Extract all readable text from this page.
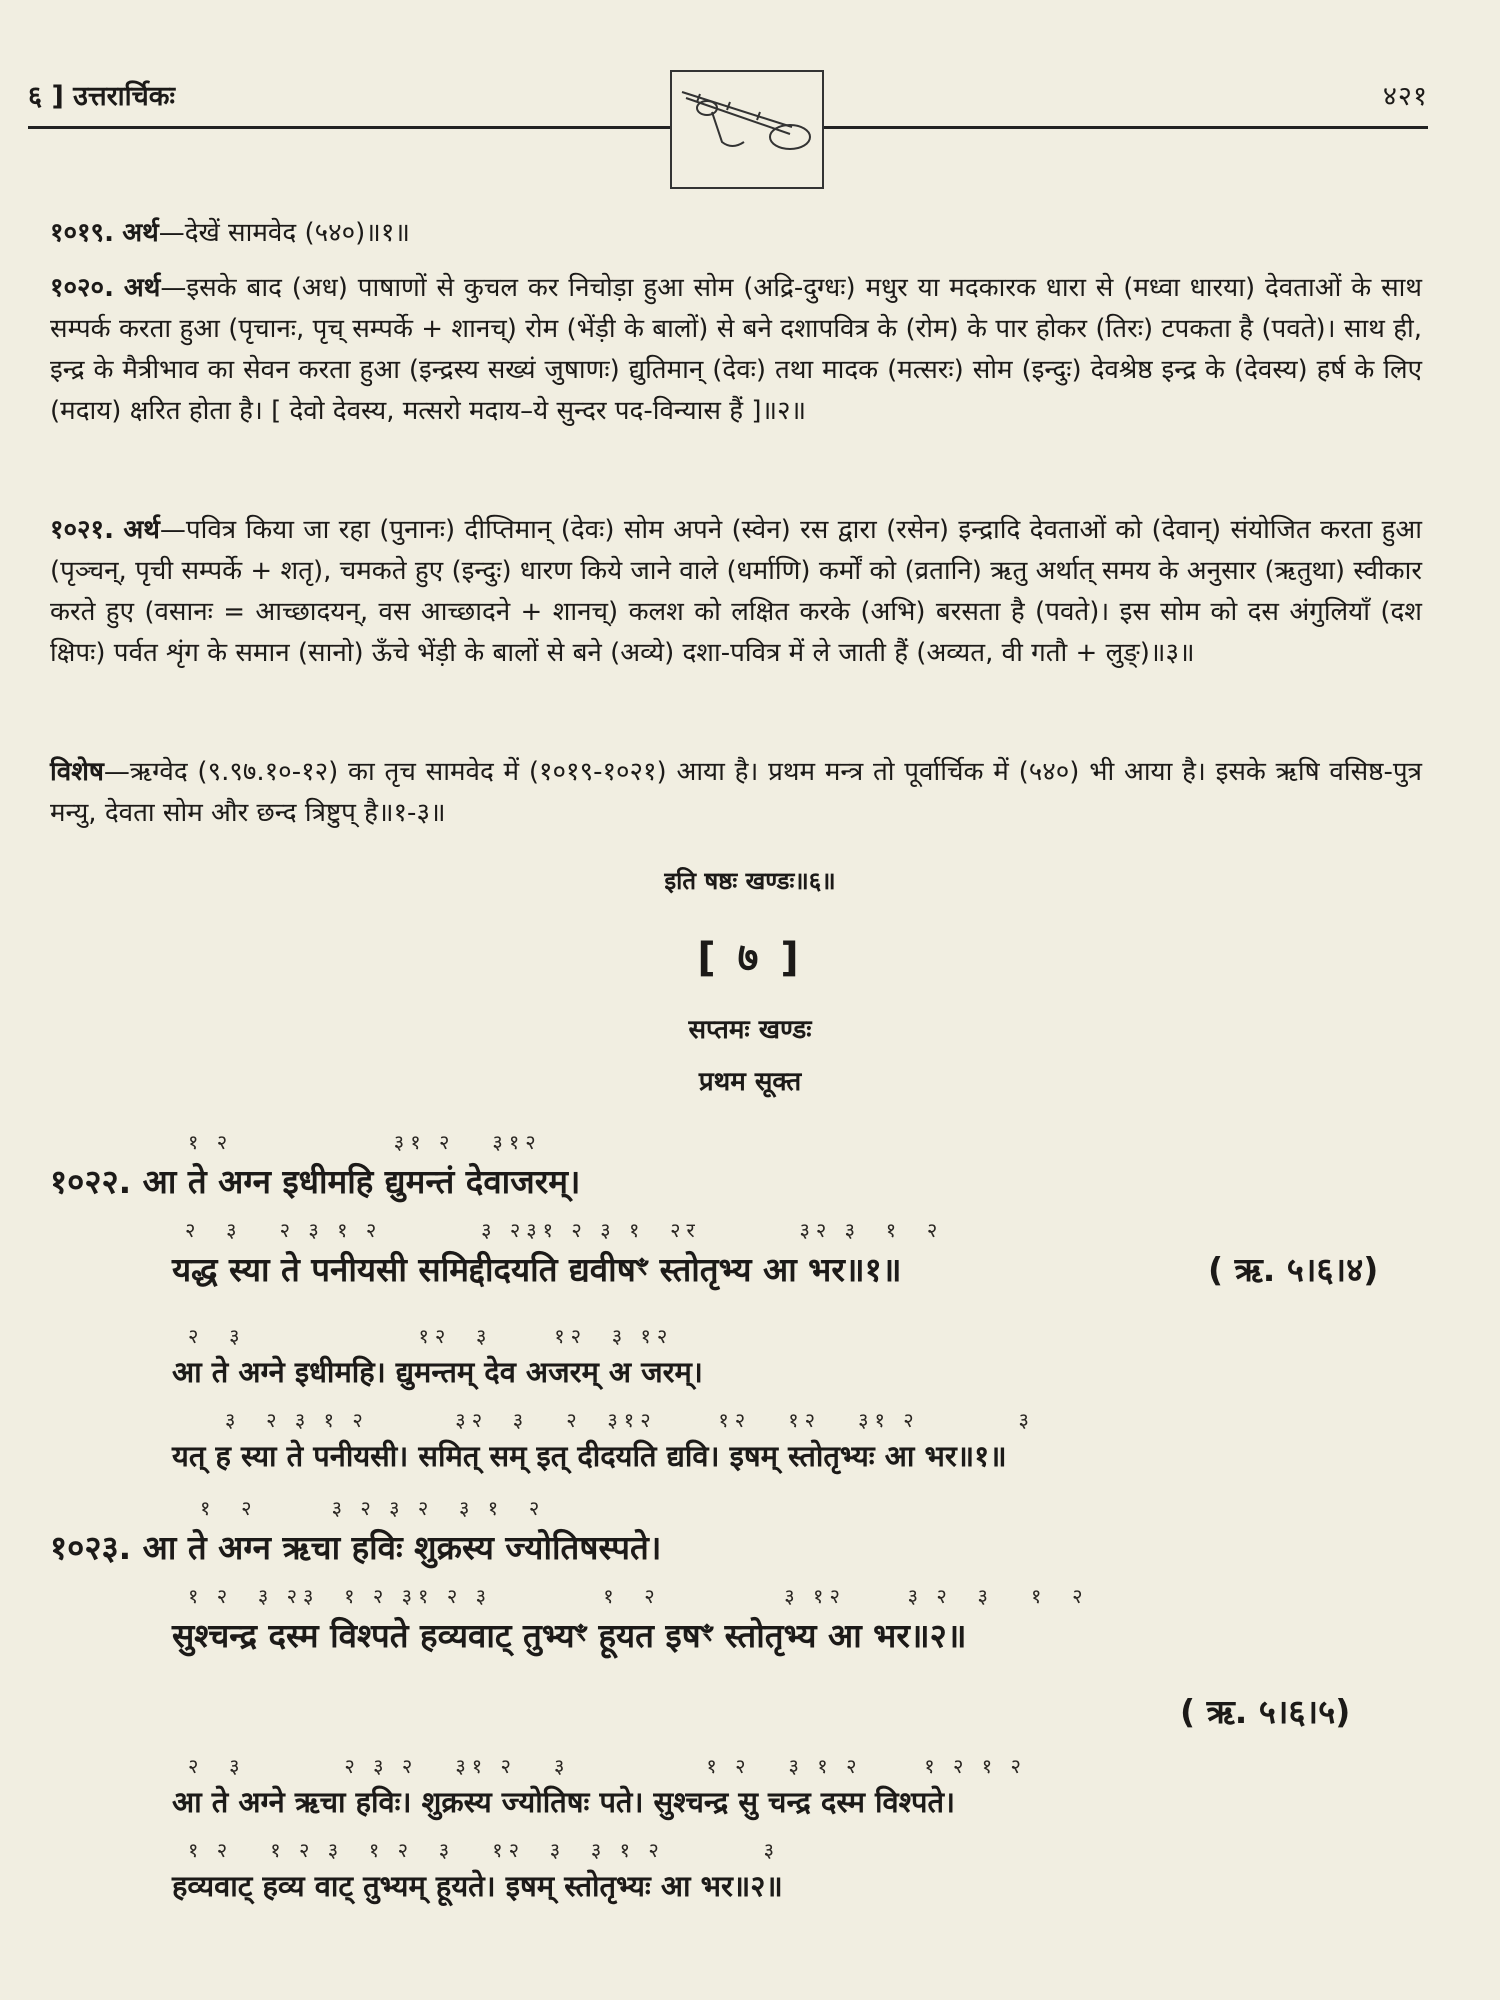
६ ] उत्तरार्चिकः	४२१
१०१९. अर्थ—देखें सामवेद (५४०)॥१॥
१०२०. अर्थ—इसके बाद (अध) पाषाणों से कुचल कर निचोड़ा हुआ सोम (अद्रि-दुग्धः) मधुर या मदकारक धारा से (मध्वा धारया) देवताओं के साथ सम्पर्क करता हुआ (पृचानः, पृच् सम्पर्के + शानच्) रोम (भेंड़ी के बालों) से बने दशापवित्र के (रोम) के पार होकर (तिरः) टपकता है (पवते)। साथ ही, इन्द्र के मैत्रीभाव का सेवन करता हुआ (इन्द्रस्य सख्यं जुषाणः) द्युतिमान् (देवः) तथा मादक (मत्सरः) सोम (इन्दुः) देवश्रेष्ठ इन्द्र के (देवस्य) हर्ष के लिए (मदाय) क्षरित होता है। [ देवो देवस्य, मत्सरो मदाय–ये सुन्दर पद-विन्यास हैं ]॥२॥
१०२१. अर्थ—पवित्र किया जा रहा (पुनानः) दीप्तिमान् (देवः) सोम अपने (स्वेन) रस द्वारा (रसेन) इन्द्रादि देवताओं को (देवान्) संयोजित करता हुआ (पृञ्चन्, पृची सम्पर्के + शतृ), चमकते हुए (इन्दुः) धारण किये जाने वाले (धर्माणि) कर्मों को (व्रतानि) ऋतु अर्थात् समय के अनुसार (ऋतुथा) स्वीकार करते हुए (वसानः = आच्छादयन्, वस आच्छादने + शानच्) कलश को लक्षित करके (अभि) बरसता है (पवते)। इस सोम को दस अंगुलियाँ (दश क्षिपः) पर्वत शृंग के समान (सानो) ऊँचे भेंड़ी के बालों से बने (अव्ये) दशा-पवित्र में ले जाती हैं (अव्यत, वी गतौ + लुङ्)॥३॥
विशेष—ऋग्वेद (९.९७.१०-१२) का तृच सामवेद में (१०१९-१०२१) आया है। प्रथम मन्त्र तो पूर्वार्चिक में (५४०) भी आया है। इसके ऋषि वसिष्ठ-पुत्र मन्यु, देवता सोम और छन्द त्रिष्टुप् है॥१-३॥
इति षष्ठः खण्डः॥६॥
[ ७ ]
सप्तमः खण्डः
प्रथम सूक्त
१ २             ३१ २   ३१२
१०२२. आ ते अग्न इधीमहि द्युमन्तं देवाजरम्।
२  ३   २ ३ १ २        ३ २३१ २ ३ १  २र        ३२ ३  १  २
यद्ध स्या ते पनीयसी समिद्दीदयति द्यवीषꣳ स्तोतृभ्य आ भर॥१॥	( ऋ. ५।६।४)
२  ३              १२  ३     १२  ३ १२
आ ते अग्ने इधीमहि। द्युमन्तम् देव अजरम् अ जरम्।
३  २ ३ १ २       ३२  ३   २  ३१२     १२   १२   ३१ २        ३
यत् ह स्या ते पनीयसी। समित् सम् इत् दीदयति द्यवि। इषम् स्तोतृभ्यः आ भर॥१॥
१  २      ३ २ ३ २  ३ १  २
१०२३. आ ते अग्न ऋचा हविः शुक्रस्य ज्योतिषस्पते।
१ २  ३ २३  १ २ ३१ २ ३         १  २          ३ १२     ३ २  ३   १  २
सुश्चन्द्र दस्म विश्पते हव्यवाट् तुभ्यꣳ हूयत इषꣳ स्तोतृभ्य आ भर॥२॥
( ऋ. ५।६।५)
२  ३        २ ३ २   ३१ २   ३           १ २   ३ १ २     १ २ १ २
आ ते अग्ने ऋचा हविः। शुक्रस्य ज्योतिषः पते। सुश्चन्द्र सु चन्द्र दस्म विश्पते।
१ २   १ २ ३  १ २  ३   १२  ३  ३ १ २        ३
हव्यवाट् हव्य वाट् तुभ्यम् हूयते। इषम् स्तोतृभ्यः आ भर॥२॥
